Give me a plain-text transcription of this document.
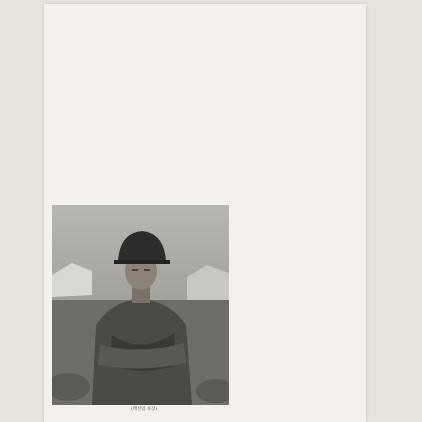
(백선엽 보장)
